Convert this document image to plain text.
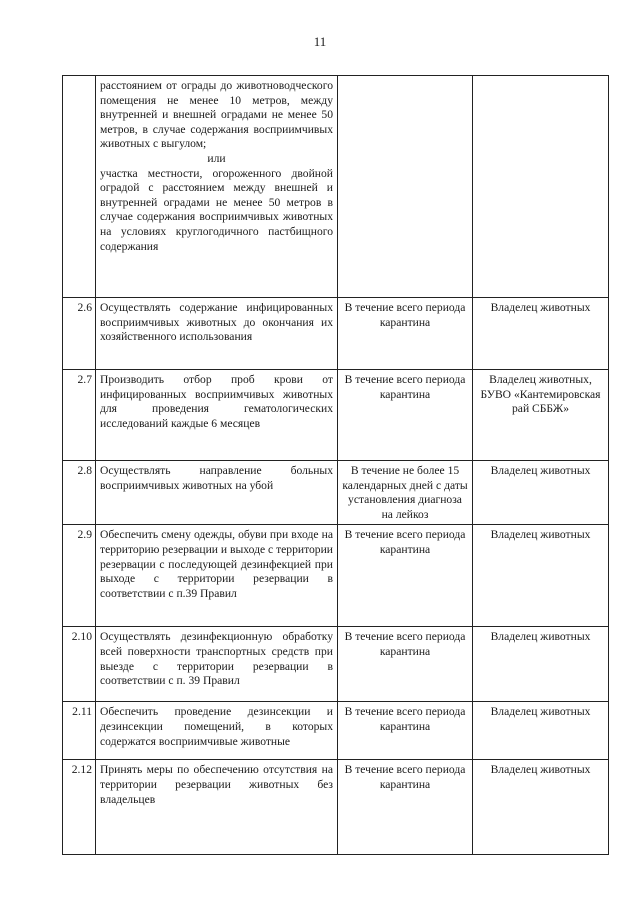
11

	расстоянием от ограды до животноводческого помещения не менее 10 метров, между внутренней и внешней оградами не менее 50 метров, в случае содержания восприимчивых животных с выгулом;

или

участка местности, огороженного двойной оградой с расстоянием между внешней и внутренней оградами не менее 50 метров в случае содержания восприимчивых животных на условиях круглогодичного пастбищного содержания		

2.6	Осуществлять содержание инфицированных восприимчивых животных до окончания их хозяйственного использования	В течение всего периода карантина	Владелец животных
2.7	Производить отбор проб крови от инфицированных восприимчивых животных для проведения гематологических исследований каждые 6 месяцев	В течение всего периода карантина	Владелец животных, БУВО «Кантемировская рай СББЖ»
2.8	Осуществлять направление больных восприимчивых животных на убой	В течение не более 15 календарных дней с даты установления диагноза на лейкоз	Владелец животных
2.9	Обеспечить смену одежды, обуви при входе на территорию резервации и выходе с территории резервации с последующей дезинфекцией при выходе с территории резервации в соответствии с п.39 Правил	В течение всего периода карантина	Владелец животных
2.10	Осуществлять дезинфекционную обработку всей поверхности транспортных средств при выезде с территории резервации в соответствии с п. 39 Правил	В течение всего периода карантина	Владелец животных
2.11	Обеспечить проведение дезинсекции и дезинсекции помещений, в которых содержатся восприимчивые животные	В течение всего периода карантина	Владелец животных
2.12	Принять меры по обеспечению отсутствия на территории резервации животных без владельцев	В течение всего периода карантина	Владелец животных
